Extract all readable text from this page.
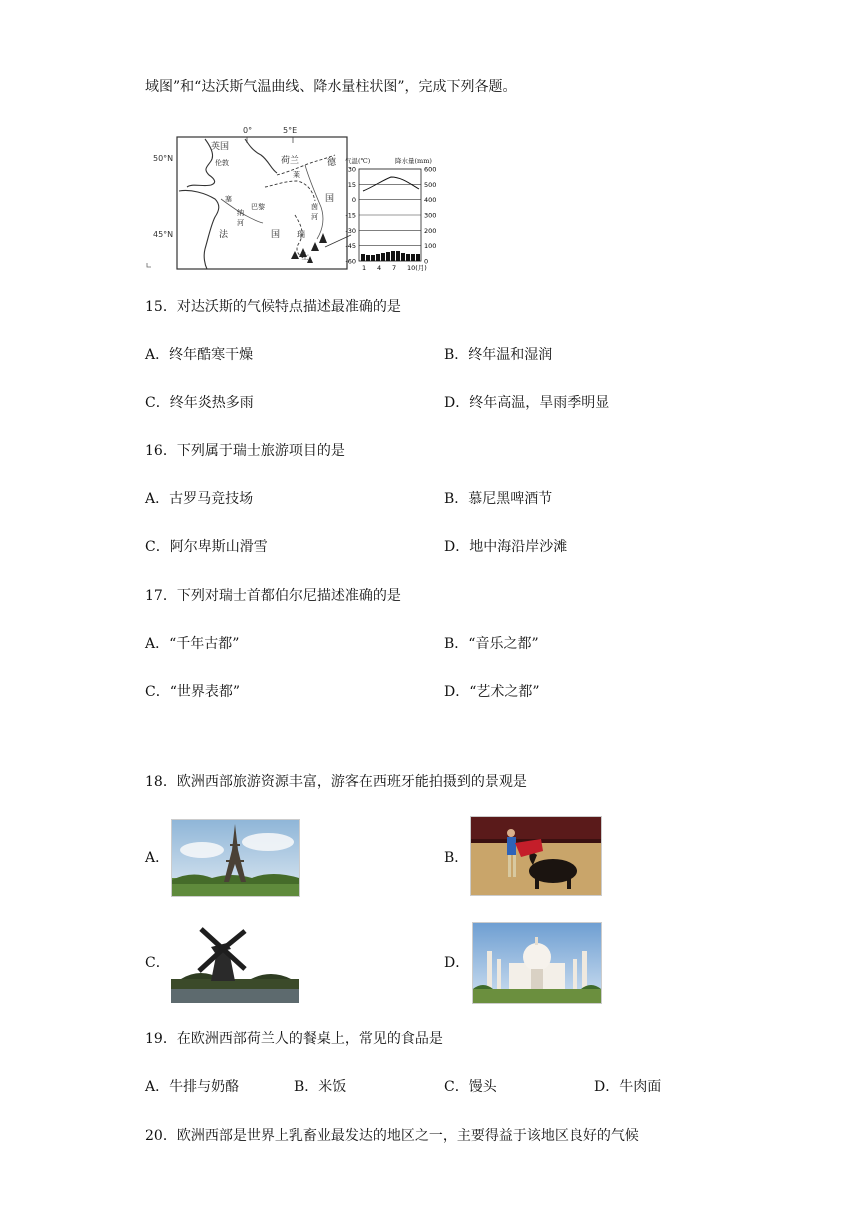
域图”和“达沃斯气温曲线、降水量柱状图”，完成下列各题。
0°	5°E
50°N
45°N
英国
伦敦	荷兰	德
巴黎
国
法	国 瑞
士
塞
纳
河
莱
茵
河
气温(℃)	降水量(mm)
30
15
0
-15
-30
-45
-60
600
500
400
300
200
100
0
1 4 7 10(月)
15．对达沃斯的气候特点描述最准确的是
A．终年酷寒干燥	B．终年温和湿润
C．终年炎热多雨	D．终年高温，旱雨季明显
16．下列属于瑞士旅游项目的是
A．古罗马竞技场	B．慕尼黑啤酒节
C．阿尔卑斯山滑雪	D．地中海沿岸沙滩
17．下列对瑞士首都伯尔尼描述准确的是
A．“千年古都”	B．“音乐之都”
C．“世界表都”	D．“艺术之都”
18．欧洲西部旅游资源丰富，游客在西班牙能拍摄到的景观是
A．	B．
C．	D．
19．在欧洲西部荷兰人的餐桌上，常见的食品是
A．牛排与奶酪	B．米饭	C．馒头	D．牛肉面
20．欧洲西部是世界上乳畜业最发达的地区之一，主要得益于该地区良好的气候
